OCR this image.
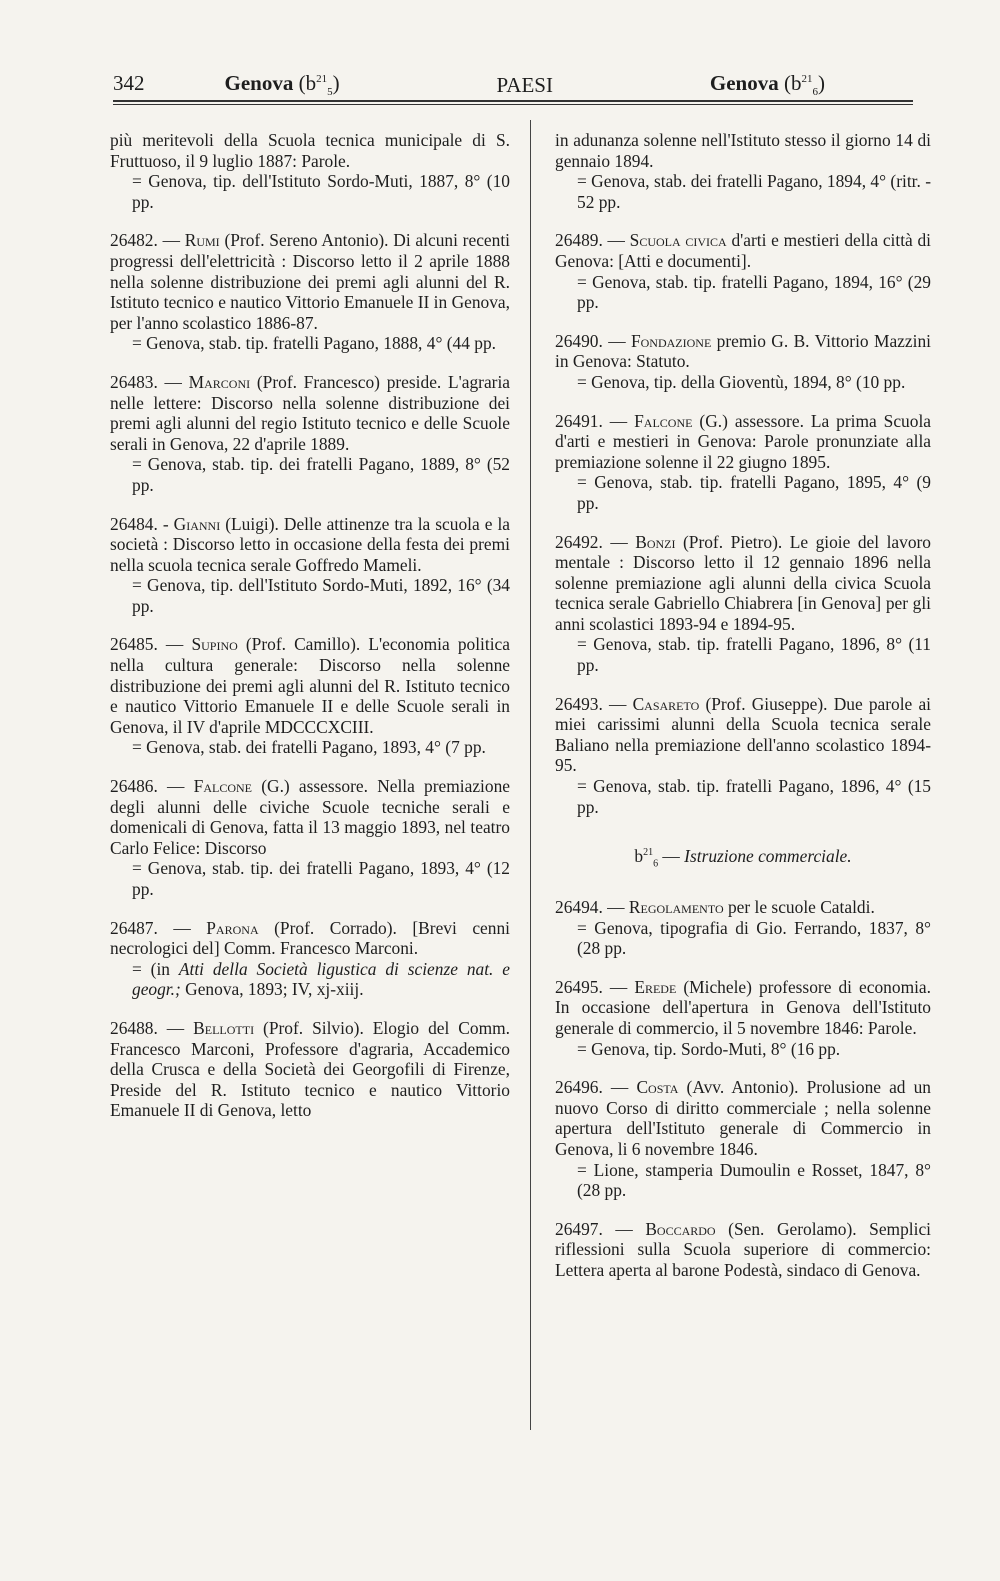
342	Genova $(b^{21}_5)$	PAESI	Genova $(b^{21}_6)$
più meritevoli della Scuola tecnica municipale di S. Fruttuoso, il 9 luglio 1887: Parole.
= Genova, tip. dell'Istituto Sordo-Muti, 1887, 8° (10 pp.
26482. — Rumi (Prof. Sereno Antonio). Di alcuni recenti progressi dell'elettricità : Discorso letto il 2 aprile 1888 nella solenne distribuzione dei premi agli alunni del R. Istituto tecnico e nautico Vittorio Emanuele II in Genova, per l'anno scolastico 1886-87.
= Genova, stab. tip. fratelli Pagano, 1888, 4° (44 pp.
26483. — Marconi (Prof. Francesco) preside. L'agraria nelle lettere: Discorso nella solenne distribuzione dei premi agli alunni del regio Istituto tecnico e delle Scuole serali in Genova, 22 d'aprile 1889.
= Genova, stab. tip. dei fratelli Pagano, 1889, 8° (52 pp.
26484. - Gianni (Luigi). Delle attinenze tra la scuola e la società : Discorso letto in occasione della festa dei premi nella scuola tecnica serale Goffredo Mameli.
= Genova, tip. dell'Istituto Sordo-Muti, 1892, 16° (34 pp.
26485. — Supino (Prof. Camillo). L'economia politica nella cultura generale: Discorso nella solenne distribuzione dei premi agli alunni del R. Istituto tecnico e nautico Vittorio Emanuele II e delle Scuole serali in Genova, il IV d'aprile MDCCCXCIII.
= Genova, stab. dei fratelli Pagano, 1893, 4° (7 pp.
26486. — Falcone (G.) assessore. Nella premiazione degli alunni delle civiche Scuole tecniche serali e domenicali di Genova, fatta il 13 maggio 1893, nel teatro Carlo Felice: Discorso
= Genova, stab. tip. dei fratelli Pagano, 1893, 4° (12 pp.
26487. — Parona (Prof. Corrado). [Brevi cenni necrologici del] Comm. Francesco Marconi.
= (in Atti della Società ligustica di scienze nat. e geogr.; Genova, 1893; IV, xj-xiij.
26488. — Bellotti (Prof. Silvio). Elogio del Comm. Francesco Marconi, Professore d'agraria, Accademico della Crusca e della Società dei Georgofili di Firenze, Preside del R. Istituto tecnico e nautico Vittorio Emanuele II di Genova, letto
in adunanza solenne nell'Istituto stesso il giorno 14 di gennaio 1894.
= Genova, stab. dei fratelli Pagano, 1894, 4° (ritr. - 52 pp.
26489. — Scuola civica d'arti e mestieri della città di Genova: [Atti e documenti].
= Genova, stab. tip. fratelli Pagano, 1894, 16° (29 pp.
26490. — Fondazione premio G. B. Vittorio Mazzini in Genova: Statuto.
= Genova, tip. della Gioventù, 1894, 8° (10 pp.
26491. — Falcone (G.) assessore. La prima Scuola d'arti e mestieri in Genova: Parole pronunziate alla premiazione solenne il 22 giugno 1895.
= Genova, stab. tip. fratelli Pagano, 1895, 4° (9 pp.
26492. — Bonzi (Prof. Pietro). Le gioie del lavoro mentale : Discorso letto il 12 gennaio 1896 nella solenne premiazione agli alunni della civica Scuola tecnica serale Gabriello Chiabrera [in Genova] per gli anni scolastici 1893-94 e 1894-95.
= Genova, stab. tip. fratelli Pagano, 1896, 8° (11 pp.
26493. — Casareto (Prof. Giuseppe). Due parole ai miei carissimi alunni della Scuola tecnica serale Baliano nella premiazione dell'anno scolastico 1894-95.
= Genova, stab. tip. fratelli Pagano, 1896, 4° (15 pp.
$b^{21}_6$ — Istruzione commerciale.
26494. — Regolamento per le scuole Cataldi.
= Genova, tipografia di Gio. Ferrando, 1837, 8° (28 pp.
26495. — Erede (Michele) professore di economia. In occasione dell'apertura in Genova dell'Istituto generale di commercio, il 5 novembre 1846: Parole.
= Genova, tip. Sordo-Muti, 8° (16 pp.
26496. — Costa (Avv. Antonio). Prolusione ad un nuovo Corso di diritto commerciale ; nella solenne apertura dell'Istituto generale di Commercio in Genova, li 6 novembre 1846.
= Lione, stamperia Dumoulin e Rosset, 1847, 8° (28 pp.
26497. — Boccardo (Sen. Gerolamo). Semplici riflessioni sulla Scuola superiore di commercio: Lettera aperta al barone Podestà, sindaco di Genova.
